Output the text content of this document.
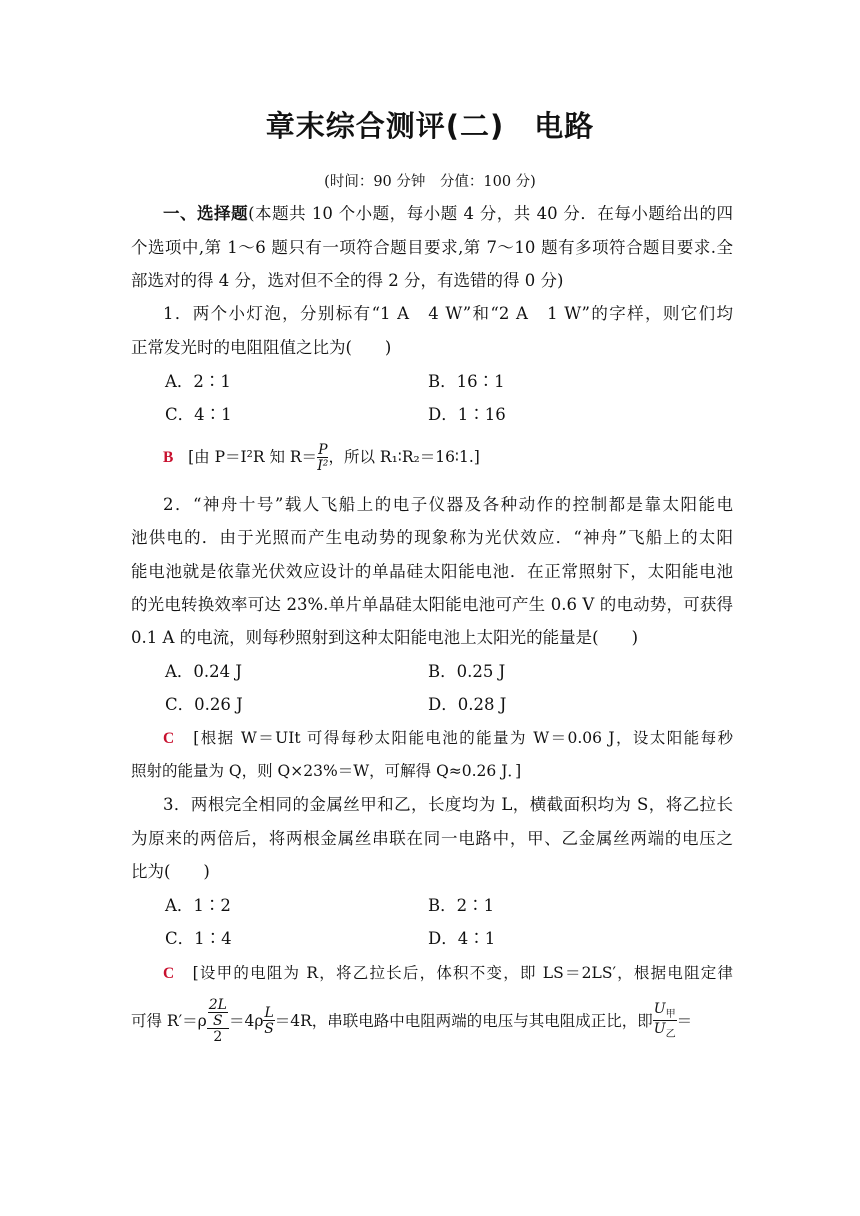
章末综合测评(二)　电路
(时间：90 分钟　分值：100 分)
一、选择题(本题共 10 个小题，每小题 4 分，共 40 分．在每小题给出的四
个选项中,第 1～6 题只有一项符合题目要求,第 7～10 题有多项符合题目要求.全
部选对的得 4 分，选对但不全的得 2 分，有选错的得 0 分)
1．两个小灯泡，分别标有“1 A　4 W”和“2 A　1 W”的字样，则它们均
正常发光时的电阻阻值之比为(　　)
A．2∶1	B．16∶1
C．4∶1	D．1∶16
B [由 P＝I²R 知 $R= \frac{P}{\text{I²}}$ ，所以 R₁∶R₂＝16∶1.]
2．“神舟十号”载人飞船上的电子仪器及各种动作的控制都是靠太阳能电
池供电的．由于光照而产生电动势的现象称为光伏效应．“神舟”飞船上的太阳
能电池就是依靠光伏效应设计的单晶硅太阳能电池．在正常照射下，太阳能电池
的光电转换效率可达 23%.单片单晶硅太阳能电池可产生 0.6 V 的电动势，可获得
0.1 A 的电流，则每秒照射到这种太阳能电池上太阳光的能量是(　　)
A．0.24 J	B．0.25 J
C．0.26 J	D．0.28 J
C [根据 W＝UIt 可得每秒太阳能电池的能量为 W＝0.06 J，设太阳能每秒
照射的能量为 Q，则 Q×23%＝W，可解得 Q≈0.26 J．]
3．两根完全相同的金属丝甲和乙，长度均为 L，横截面积均为 S，将乙拉长
为原来的两倍后，将两根金属丝串联在同一电路中，甲、乙金属丝两端的电压之
比为(　　)
A．1∶2	B．2∶1
C．1∶4	D．4∶1
C [设甲的电阻为 R，将乙拉长后，体积不变，即 LS＝2LS′，根据电阻定律
可得 $R'=\rho \frac{\frac{2L}{S}}{2} =4\rho \frac{L}{S} =4R$，串联电路中电阻两端的电压与其电阻成正比，即 $\frac{U_甲}{U_乙}$ ＝
